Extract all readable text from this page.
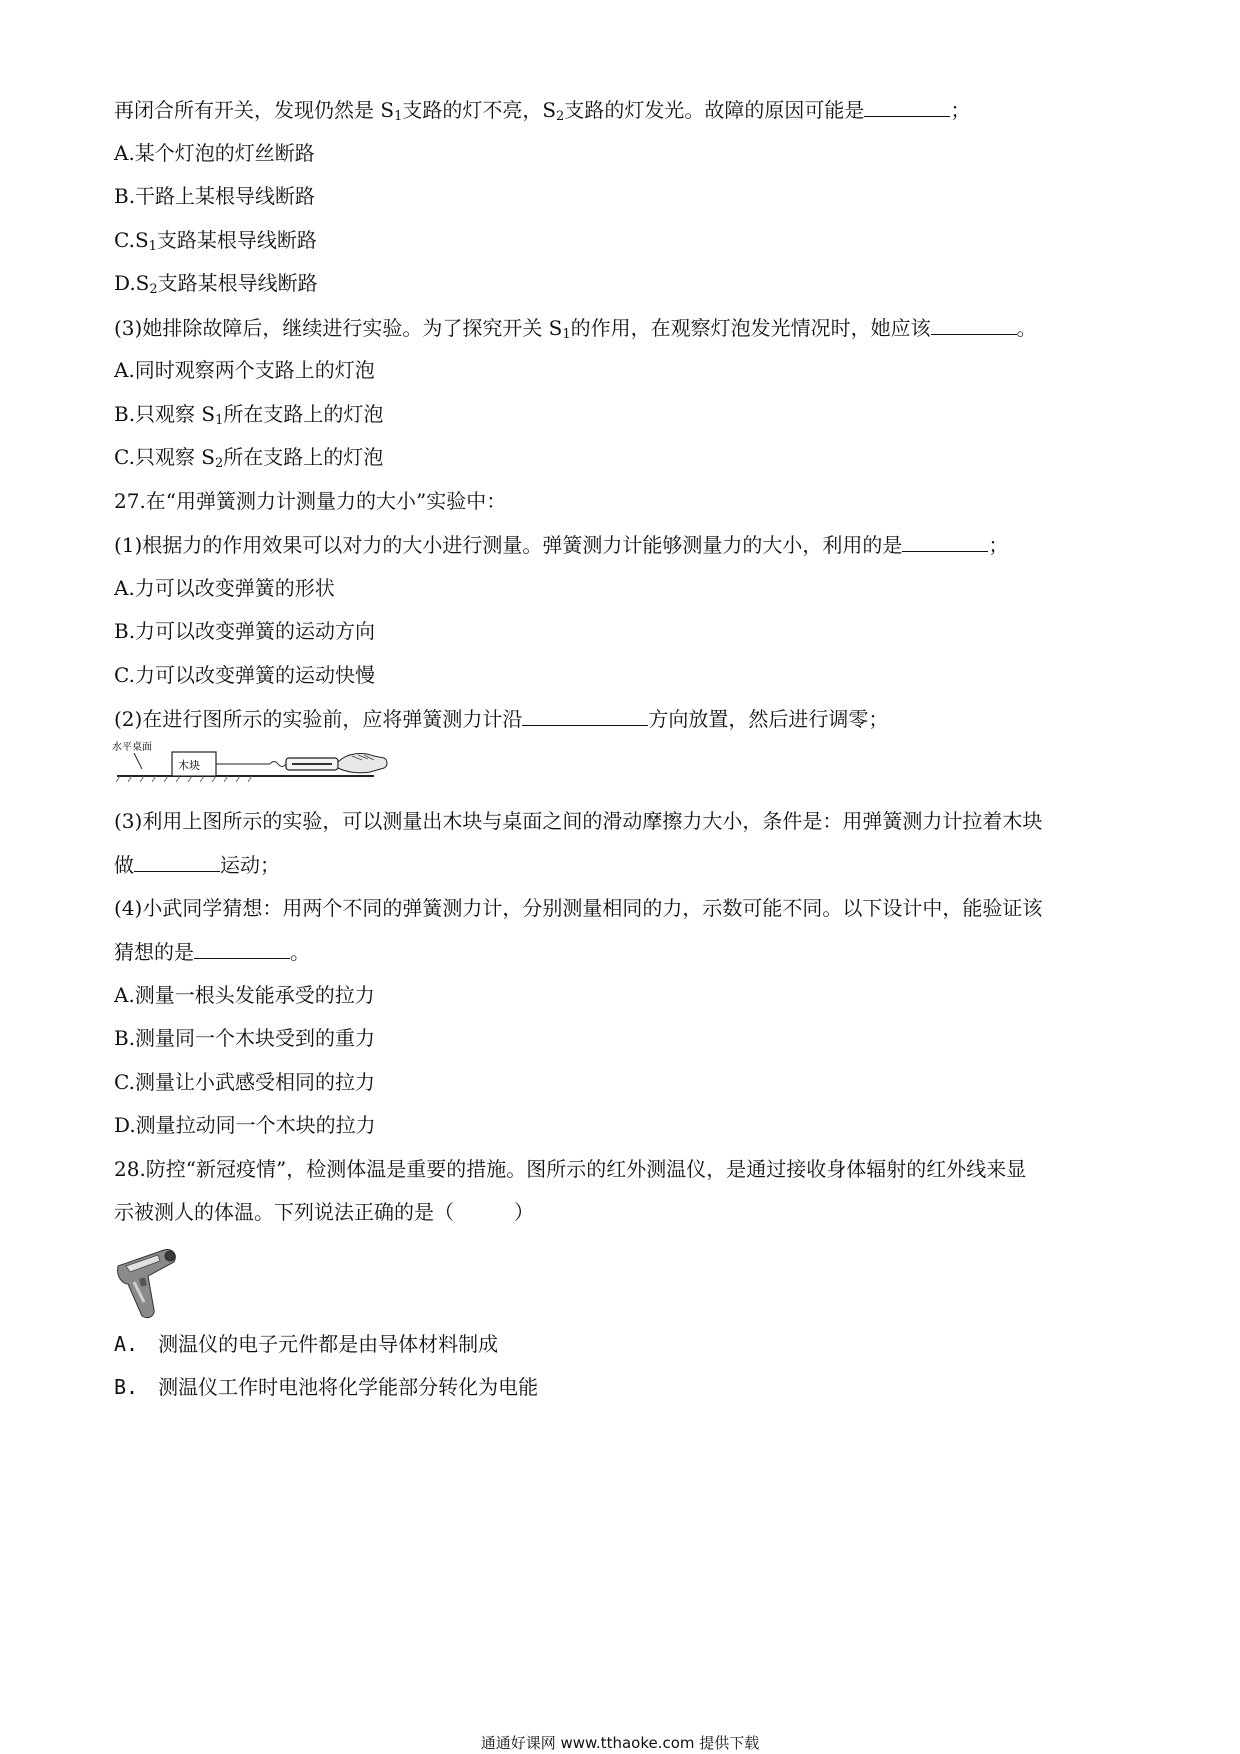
再闭合所有开关，发现仍然是 $S_1$支路的灯不亮，$S_2$支路的灯发光。故障的原因可能是	；
A.某个灯泡的灯丝断路
B.干路上某根导线断路
$C.S_1$支路某根导线断路
$D.S_2$支路某根导线断路
(3)她排除故障后，继续进行实验。为了探究开关 $S_1$的作用，在观察灯泡发光情况时，她应该	。
A.同时观察两个支路上的灯泡
B.只观察 $S_1$所在支路上的灯泡
C.只观察 $S_2$所在支路上的灯泡
27.在“用弹簧测力计测量力的大小”实验中：
(1)根据力的作用效果可以对力的大小进行测量。弹簧测力计能够测量力的大小，利用的是	；
A.力可以改变弹簧的形状
B.力可以改变弹簧的运动方向
C.力可以改变弹簧的运动快慢
(2)在进行图所示的实验前，应将弹簧测力计沿	方向放置，然后进行调零；
水平桌面
木块
(3)利用上图所示的实验，可以测量出木块与桌面之间的滑动摩擦力大小，条件是：用弹簧测力计拉着木块
做	运动；
(4)小武同学猜想：用两个不同的弹簧测力计，分别测量相同的力，示数可能不同。以下设计中，能验证该
猜想的是	。
A.测量一根头发能承受的拉力
B.测量同一个木块受到的重力
C.测量让小武感受相同的拉力
D.测量拉动同一个木块的拉力
28.防控“新冠疫情”，检测体温是重要的措施。图所示的红外测温仪，是通过接收身体辐射的红外线来显
示被测人的体温。下列说法正确的是（　　　）
A.　测温仪的电子元件都是由导体材料制成
B.　测温仪工作时电池将化学能部分转化为电能
通通好课网 www.tthaoke.com 提供下载
